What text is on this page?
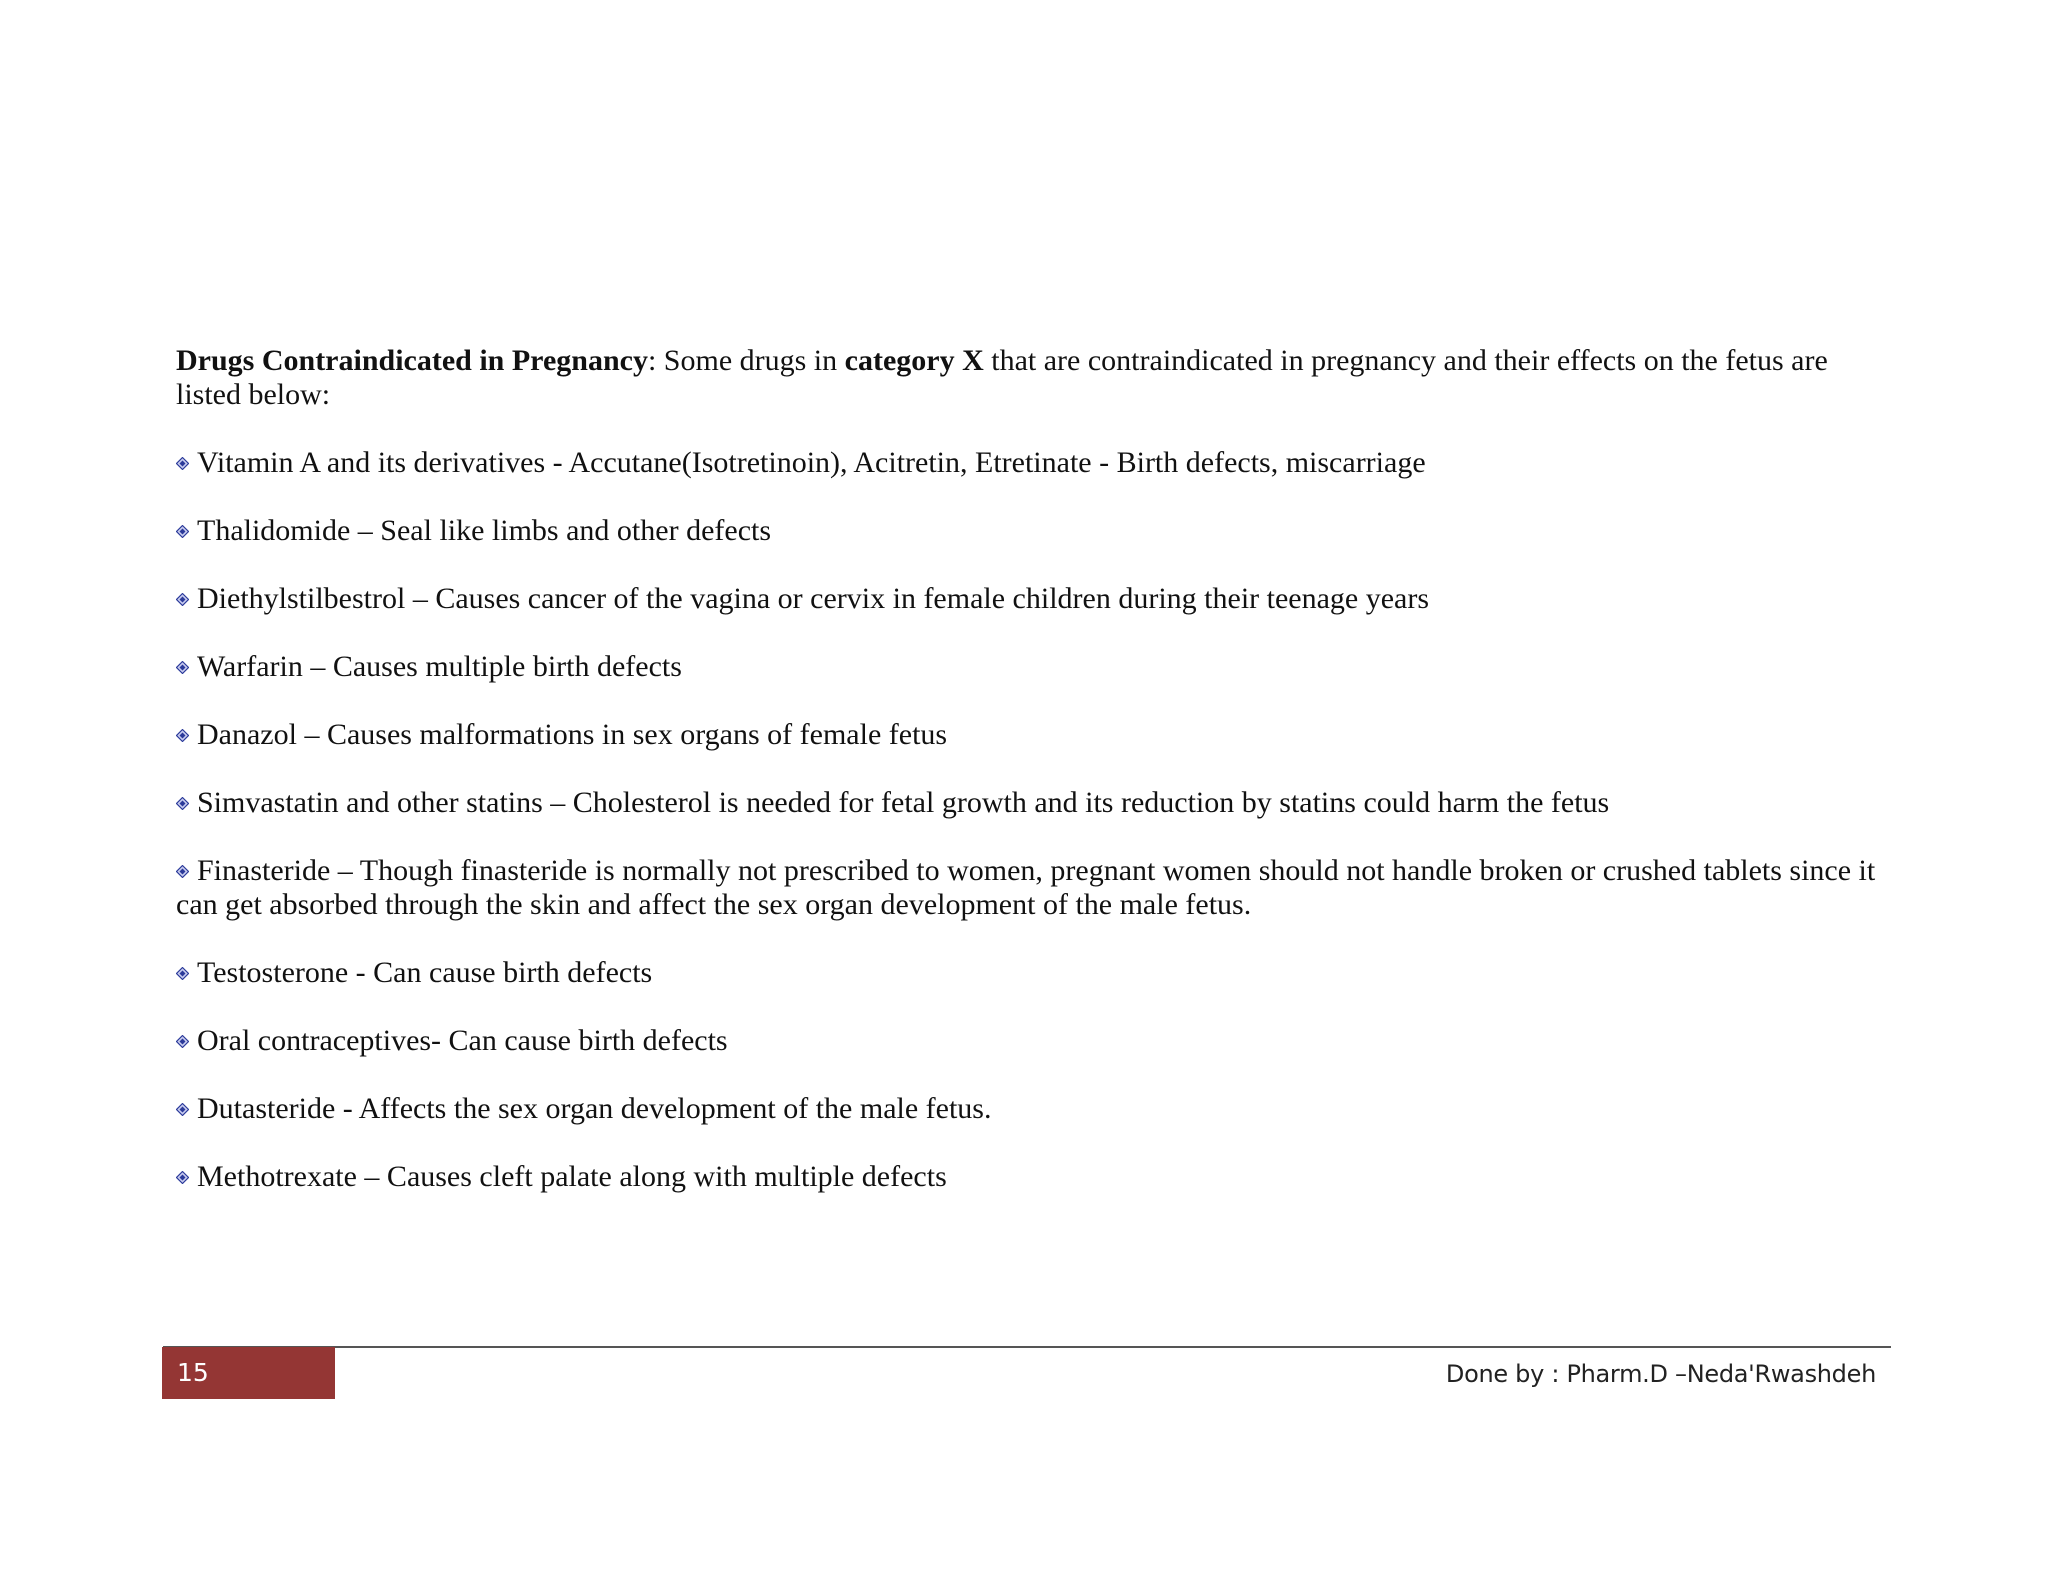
Drugs Contraindicated in Pregnancy: Some drugs in category X that are contraindicated in pregnancy and their effects on the fetus are listed below:

Vitamin A and its derivatives - Accutane(Isotretinoin), Acitretin, Etretinate - Birth defects, miscarriage

Thalidomide – Seal like limbs and other defects

Diethylstilbestrol – Causes cancer of the vagina or cervix in female children during their teenage years

Warfarin – Causes multiple birth defects

Danazol – Causes malformations in sex organs of female fetus

Simvastatin and other statins – Cholesterol is needed for fetal growth and its reduction by statins could harm the fetus

Finasteride – Though finasteride is normally not prescribed to women, pregnant women should not handle broken or crushed tablets since it can get absorbed through the skin and affect the sex organ development of the male fetus.

Testosterone - Can cause birth defects

Oral contraceptives- Can cause birth defects

Dutasteride - Affects the sex organ development of the male fetus.

Methotrexate – Causes cleft palate along with multiple defects

15	Done by : Pharm.D –Neda'Rwashdeh
